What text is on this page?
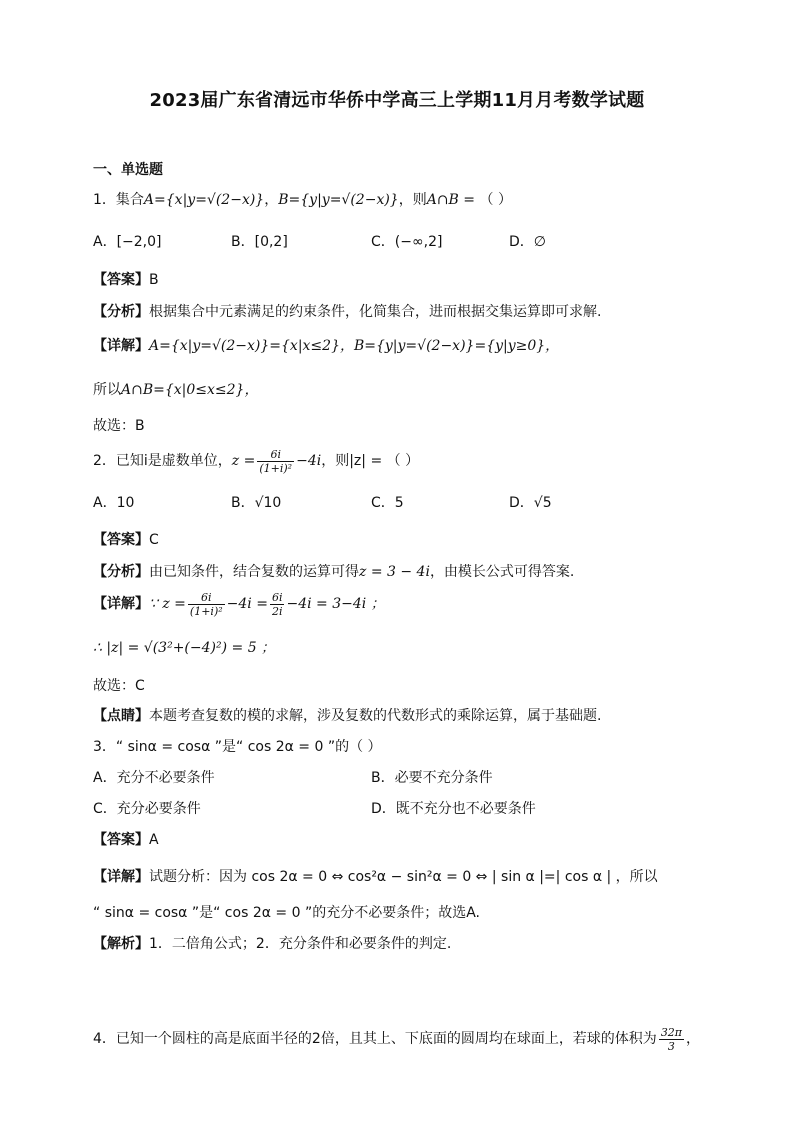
2023届广东省清远市华侨中学高三上学期11月月考数学试题
一、单选题
1．集合A={x|y=√(2−x)}，B={y|y=√(2−x)}，则A∩B = （ ）
A．[−2,0]	B．[0,2]	C．(−∞,2]	D．∅
【答案】B
【分析】根据集合中元素满足的约束条件，化简集合，进而根据交集运算即可求解.
【详解】A={x|y=√(2−x)}={x|x≤2}，B={y|y=√(2−x)}={y|y≥0}，
所以A∩B={x|0≤x≤2}，
故选：B
2．已知i是虚数单位，$z = \frac{6i}{\text{(1+i)²}} -4i$，则|z| = （ ）
A．10	B．√10	C．5	D．√5
【答案】C
【分析】由已知条件，结合复数的运算可得z = 3 − 4i，由模长公式可得答案.
【详解】∵ $z = \frac{6i}{\text{(1+i)²}} -4i = \frac{6i}{2i} -4i = 3-4i$ ；
∴ |z| = √(3²+(−4)²) = 5 ；
故选：C
【点睛】本题考查复数的模的求解，涉及复数的代数形式的乘除运算，属于基础题.
3．“ sinα = cosα ”是“ cos 2α = 0 ”的（ ）
A．充分不必要条件	B．必要不充分条件
C．充分必要条件	D．既不充分也不必要条件
【答案】A
【详解】试题分析：因为 cos 2α = 0 ⇔ cos²α − sin²α = 0 ⇔ | sin α |=| cos α | ，所以
“ sinα = cosα ”是“ cos 2α = 0 ”的充分不必要条件；故选A.
【解析】1．二倍角公式；2．充分条件和必要条件的判定.
4．已知一个圆柱的高是底面半径的2倍，且其上、下底面的圆周均在球面上，若球的体积为 $\frac{32\pi}{3}$ ，
